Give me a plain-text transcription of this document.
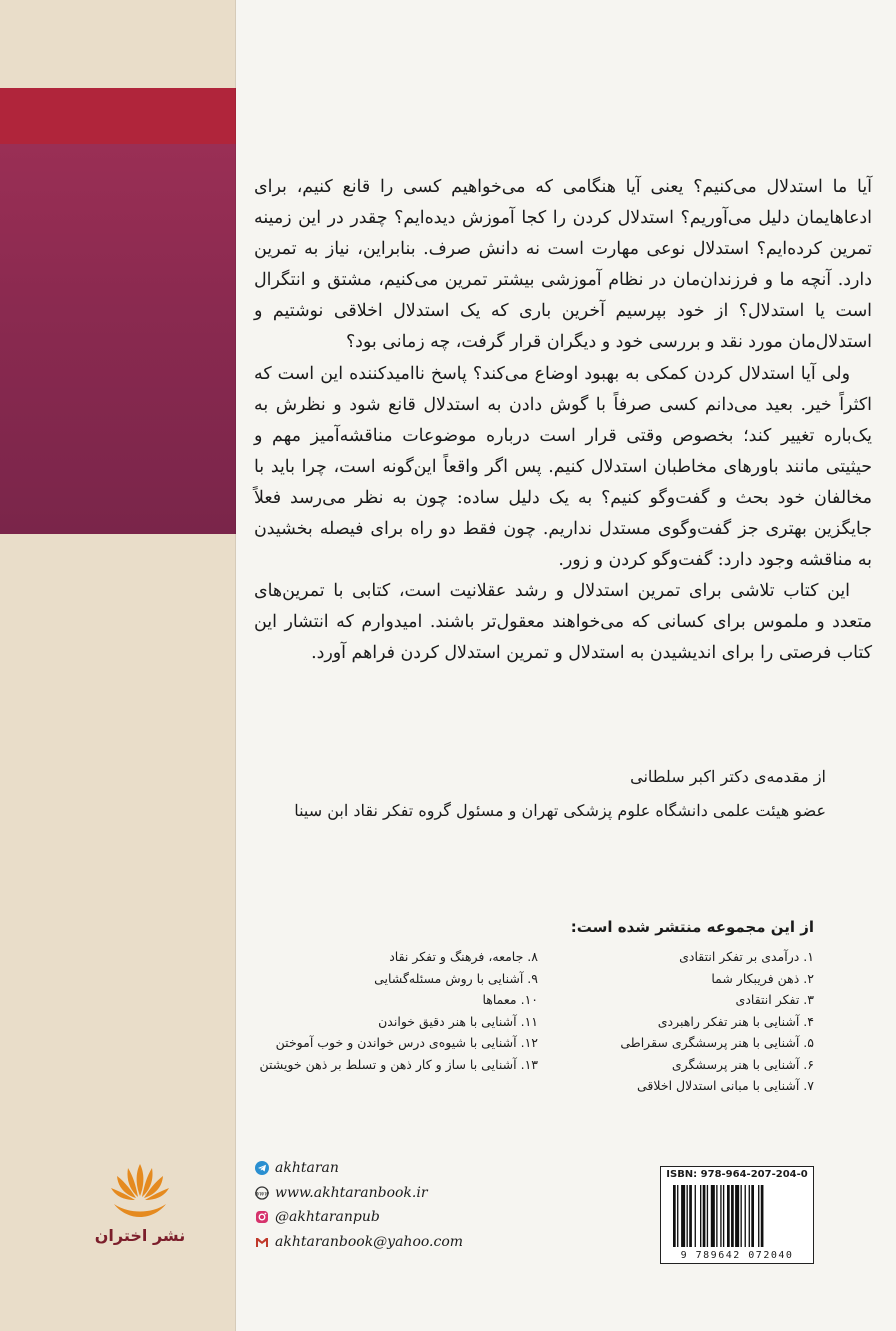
آیا ما استدلال می‌کنیم؟ یعنی آیا هنگامی که می‌خواهیم کسی را قانع کنیم، برای ادعاهایمان دلیل می‌آوریم؟ استدلال کردن را کجا آموزش دیده‌ایم؟ چقدر در این زمینه تمرین کرده‌ایم؟ استدلال نوعی مهارت است نه دانش صرف. بنابراین، نیاز به تمرین دارد. آنچه ما و فرزندان‌مان در نظام آموزشی بیشتر تمرین می‌کنیم، مشتق و انتگرال است یا استدلال؟ از خود بپرسیم آخرین باری که یک استدلال اخلاقی نوشتیم و استدلال‌مان مورد نقد و بررسی خود و دیگران قرار گرفت، چه زمانی بود؟

ولی آیا استدلال کردن کمکی به بهبود اوضاع می‌کند؟ پاسخ ناامیدکننده این است که اکثراً خیر. بعید می‌دانم کسی صرفاً با گوش دادن به استدلال قانع شود و نظرش به یک‌باره تغییر کند؛ بخصوص وقتی قرار است درباره موضوعات مناقشه‌آمیز مهم و حیثیتی مانند باورهای مخاطبان استدلال کنیم. پس اگر واقعاً این‌گونه است، چرا باید با مخالفان خود بحث و گفت‌وگو کنیم؟ به یک دلیل ساده: چون به نظر می‌رسد فعلاً جایگزین بهتری جز گفت‌وگوی مستدل نداریم. چون فقط دو راه برای فیصله بخشیدن به مناقشه وجود دارد: گفت‌وگو کردن و زور.

این کتاب تلاشی برای تمرین استدلال و رشد عقلانیت است، کتابی با تمرین‌های متعدد و ملموس برای کسانی که می‌خواهند معقول‌تر باشند. امیدوارم که انتشار این کتاب فرصتی را برای اندیشیدن به استدلال و تمرین استدلال کردن فراهم آورد.

از مقدمه‌ی دکتر اکبر سلطانی
عضو هیئت علمی دانشگاه علوم پزشکی تهران و مسئول گروه تفکر نقاد ابن سینا
از این مجموعه منتشر شده است:
۱. درآمدی بر تفکر انتقادی
۲. ذهن فریبکار شما
۳. تفکر انتقادی
۴. آشنایی با هنر تفکر راهبردی
۵. آشنایی با هنر پرسشگری سقراطی
۶. آشنایی با هنر پرسشگری
۷. آشنایی با مبانی استدلال اخلاقی
۸. جامعه، فرهنگ و تفکر نقاد
۹. آشنایی با روش مسئله‌گشایی
۱۰. معماها
۱۱. آشنایی با هنر دقیق خواندن
۱۲. آشنایی با شیوه‌ی درس خواندن و خوب آموختن
۱۳. آشنایی با ساز و کار ذهن و تسلط بر ذهن خویشتن
akhtaran
www www.akhtaranbook.ir
@akhtaranpub
akhtaranbook@yahoo.com
ISBN: 978-964-207-204-0
9 789642 072040
نشر اختران
